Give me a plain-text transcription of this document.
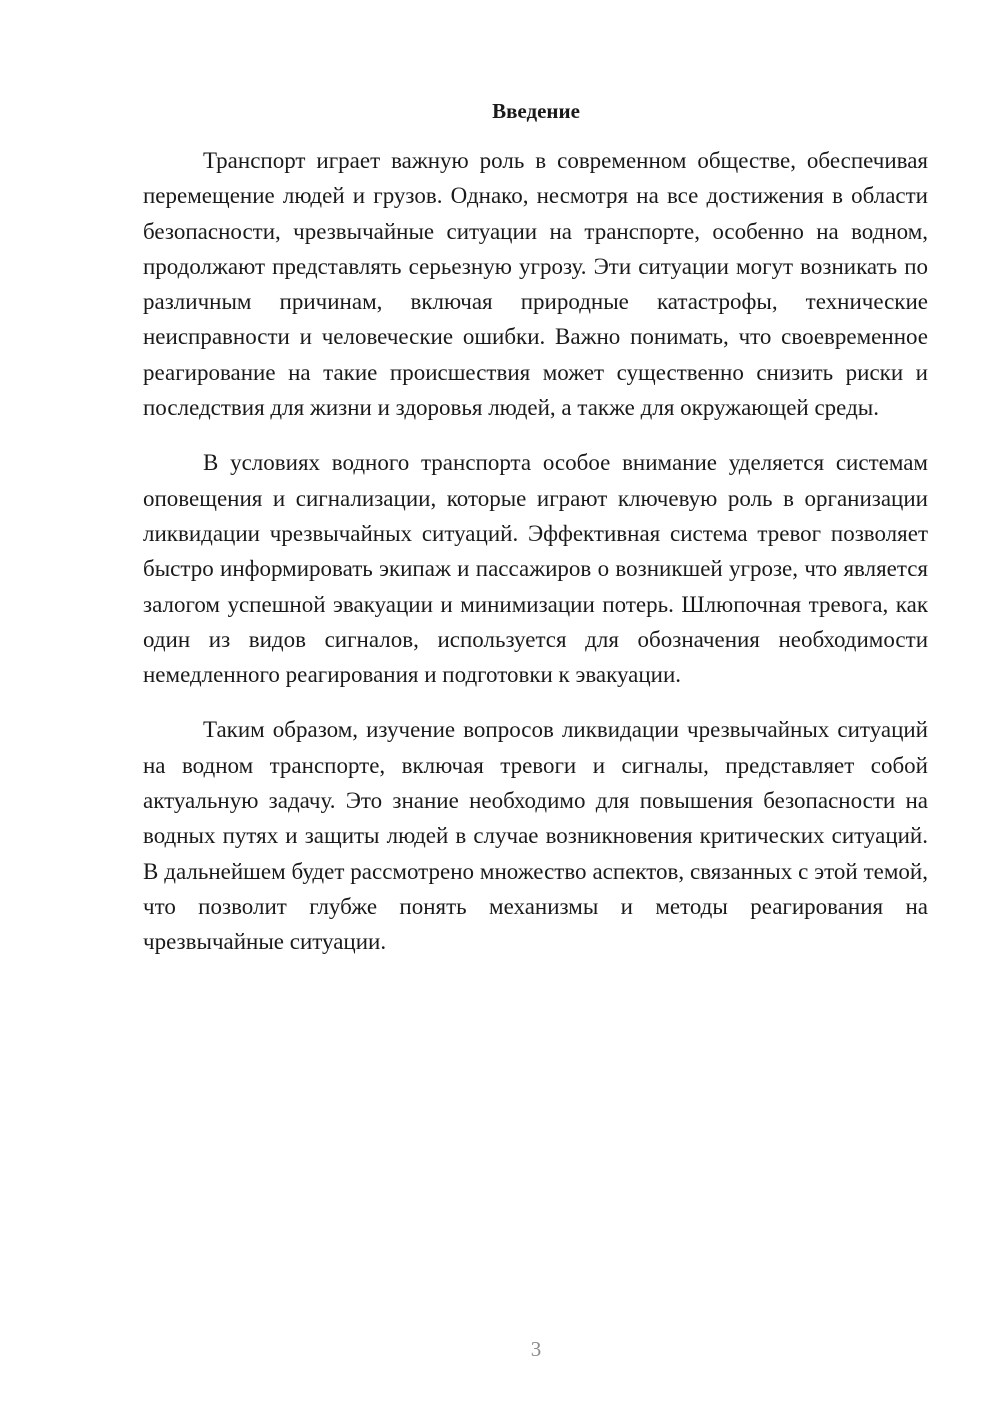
Введение

Транспорт играет важную роль в современном обществе, обеспечивая перемещение людей и грузов. Однако, несмотря на все достижения в области безопасности, чрезвычайные ситуации на транспорте, особенно на водном, продолжают представлять серьезную угрозу. Эти ситуации могут возникать по различным причинам, включая природные катастрофы, технические неисправности и человеческие ошибки. Важно понимать, что своевременное реагирование на такие происшествия может существенно снизить риски и последствия для жизни и здоровья людей, а также для окружающей среды.

В условиях водного транспорта особое внимание уделяется системам оповещения и сигнализации, которые играют ключевую роль в организации ликвидации чрезвычайных ситуаций. Эффективная система тревог позволяет быстро информировать экипаж и пассажиров о возникшей угрозе, что является залогом успешной эвакуации и минимизации потерь. Шлюпочная тревога, как один из видов сигналов, используется для обозначения необходимости немедленного реагирования и подготовки к эвакуации.

Таким образом, изучение вопросов ликвидации чрезвычайных ситуаций на водном транспорте, включая тревоги и сигналы, представляет собой актуальную задачу. Это знание необходимо для повышения безопасности на водных путях и защиты людей в случае возникновения критических ситуаций. В дальнейшем будет рассмотрено множество аспектов, связанных с этой темой, что позволит глубже понять механизмы и методы реагирования на чрезвычайные ситуации.

3
